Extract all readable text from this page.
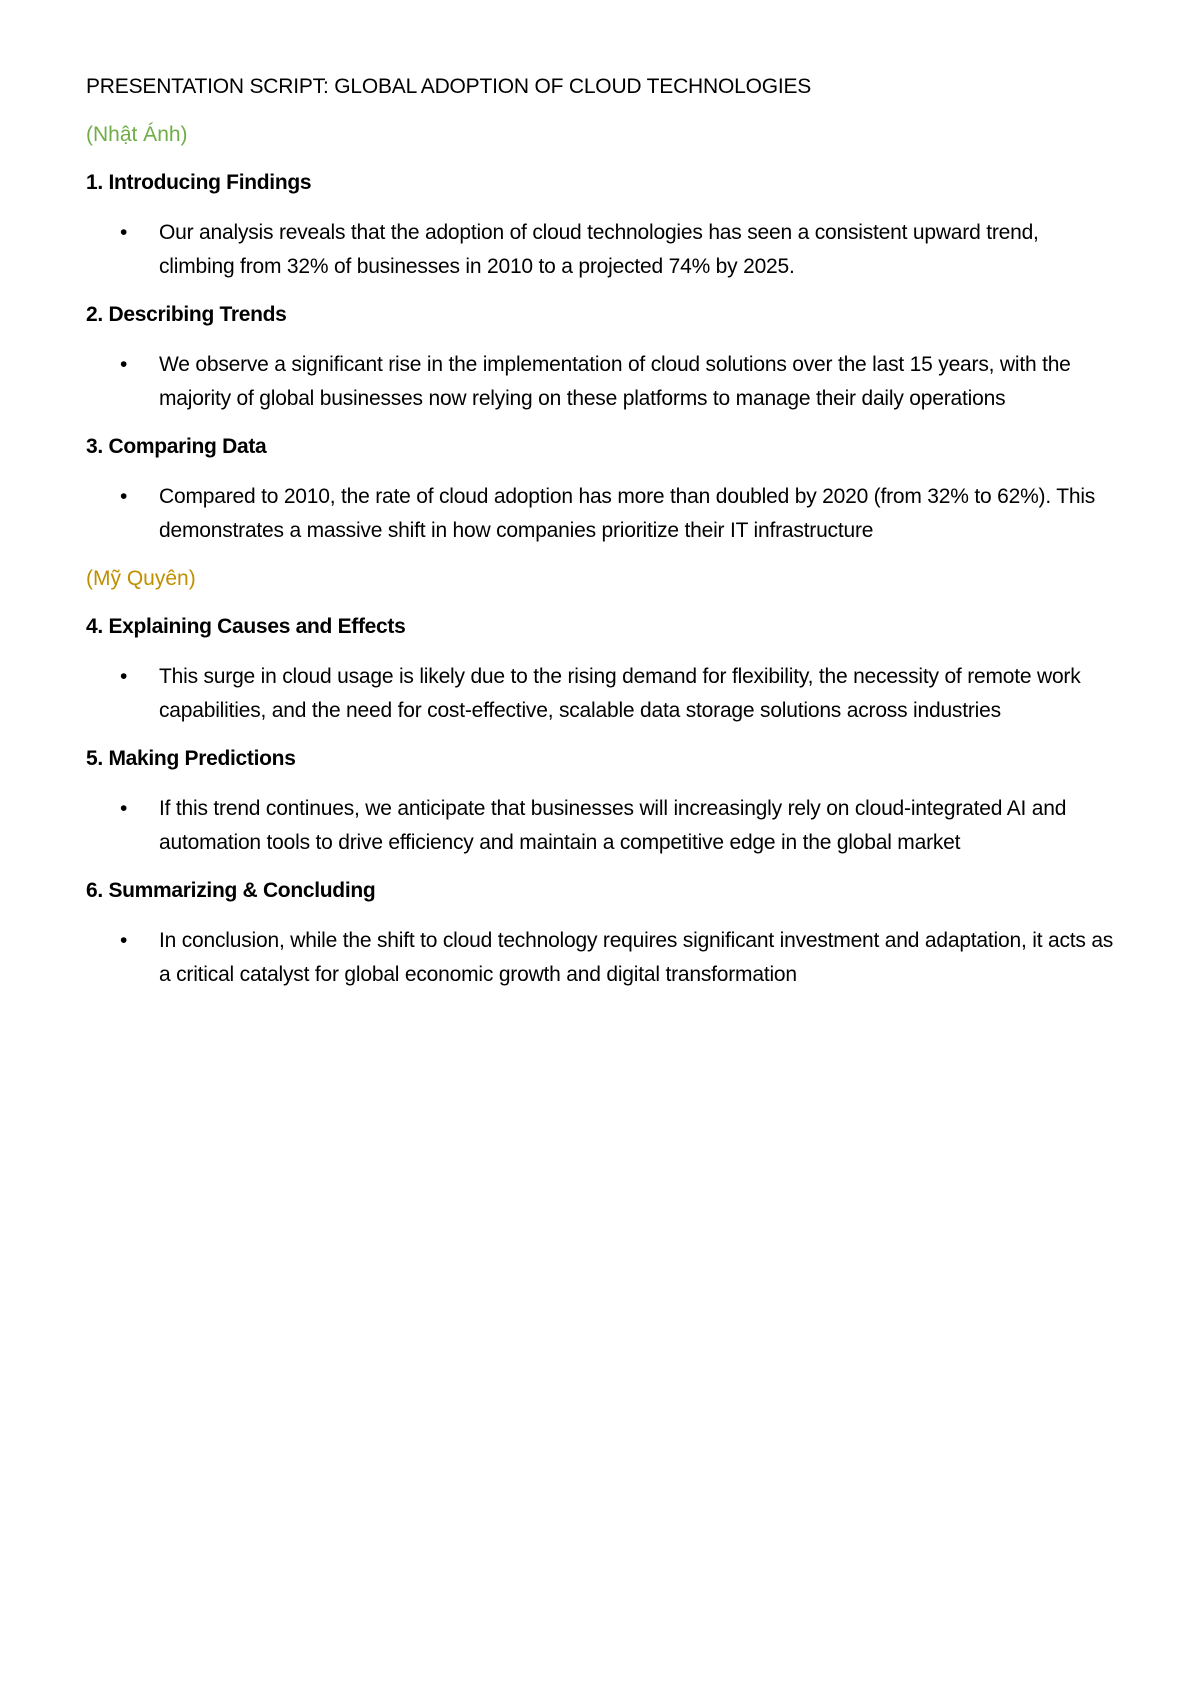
PRESENTATION SCRIPT: GLOBAL ADOPTION OF CLOUD TECHNOLOGIES
(Nhật Ánh)
1. Introducing Findings
• Our analysis reveals that the adoption of cloud technologies has seen a consistent upward trend, climbing from 32% of businesses in 2010 to a projected 74% by 2025.
2. Describing Trends
• We observe a significant rise in the implementation of cloud solutions over the last 15 years, with the majority of global businesses now relying on these platforms to manage their daily operations
3. Comparing Data
• Compared to 2010, the rate of cloud adoption has more than doubled by 2020 (from 32% to 62%). This demonstrates a massive shift in how companies prioritize their IT infrastructure
(Mỹ Quyên)
4. Explaining Causes and Effects
• This surge in cloud usage is likely due to the rising demand for flexibility, the necessity of remote work capabilities, and the need for cost-effective, scalable data storage solutions across industries
5. Making Predictions
• If this trend continues, we anticipate that businesses will increasingly rely on cloud-integrated AI and automation tools to drive efficiency and maintain a competitive edge in the global market
6. Summarizing & Concluding
• In conclusion, while the shift to cloud technology requires significant investment and adaptation, it acts as a critical catalyst for global economic growth and digital transformation
